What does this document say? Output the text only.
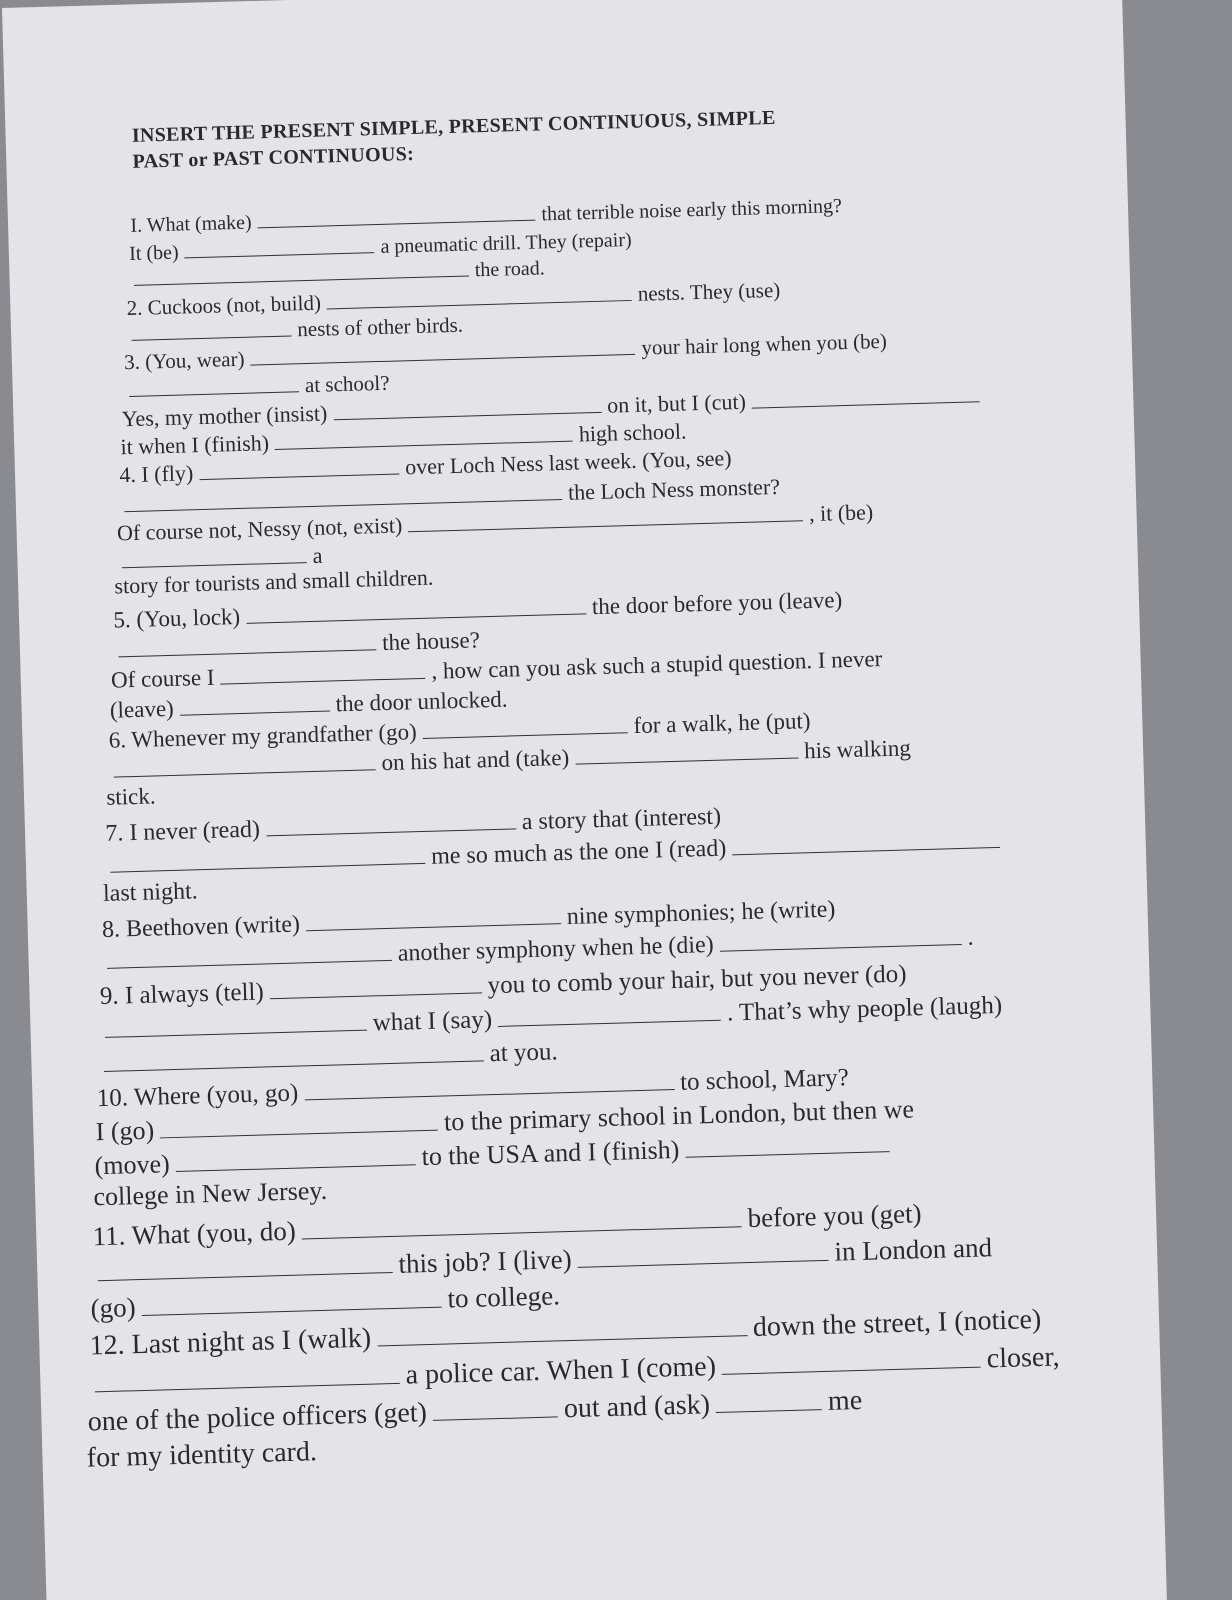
INSERT THE PRESENT SIMPLE, PRESENT CONTINUOUS, SIMPLE
PAST or PAST CONTINUOUS:
I. What (make)	that terrible noise early this morning?
It (be)	a pneumatic drill. They (repair)
the road.
2. Cuckoos (not, build)	nests. They (use)
nests of other birds.
3. (You, wear)
your hair long when you (be)
at school?
Yes, my mother (insist)	on it, but I (cut)
it when I (finish)	high school.
4. I (fly)	over Loch Ness last week. (You, see)
the Loch Ness monster?
Of course not, Nessy (not, exist)	, it (be)
a
story for tourists and small children.
5. (You, lock)	the door before you (leave)
the house?
Of course I	, how can you ask such a stupid question. I never
(leave)	the door unlocked.
6. Whenever my grandfather (go)	for a walk, he (put)
on his hat and (take)	his walking
stick.
7. I never (read)	a story that (interest)
me so much as the one I (read)
last night.
8. Beethoven (write)	nine symphonies; he (write)
another symphony when he (die)	.
9. I always (tell)	you to comb your hair, but you never (do)
what I (say)	. That’s why people (laugh)
at you.
10. Where (you, go)	to school, Mary?
I (go)	to the primary school in London, but then we
(move)	to the USA and I (finish)
college in New Jersey.
11. What (you, do)
before you (get)
this job? I (live)	in London and
(go)	to college.
12. Last night as I (walk)	down the street, I (notice)
a police car. When I (come)	closer,
one of the police officers (get)	out and (ask)	me
for my identity card.
